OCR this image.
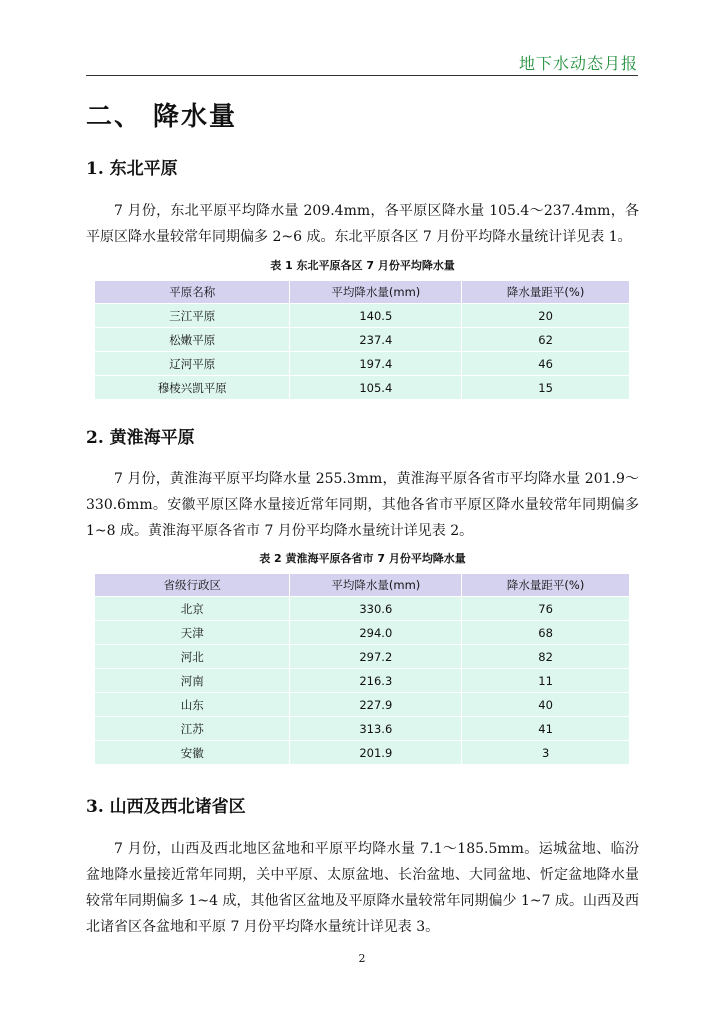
地下水动态月报
二、 降水量
1. 东北平原

7 月份，东北平原平均降水量 209.4mm，各平原区降水量 105.4～237.4mm，各平原区降水量较常年同期偏多 2~6 成。东北平原各区 7 月份平均降水量统计详见表 1。

表 1 东北平原各区 7 月份平均降水量
平原名称	平均降水量(mm)	降水量距平(%)
三江平原	140.5	20
松嫩平原	237.4	62
辽河平原	197.4	46
穆棱兴凯平原	105.4	15
2. 黄淮海平原

7 月份，黄淮海平原平均降水量 255.3mm，黄淮海平原各省市平均降水量 201.9～330.6mm。安徽平原区降水量接近常年同期，其他各省市平原区降水量较常年同期偏多 1~8 成。黄淮海平原各省市 7 月份平均降水量统计详见表 2。

表 2 黄淮海平原各省市 7 月份平均降水量
省级行政区	平均降水量(mm)	降水量距平(%)
北京	330.6	76
天津	294.0	68
河北	297.2	82
河南	216.3	11
山东	227.9	40
江苏	313.6	41
安徽	201.9	3
3. 山西及西北诸省区

7 月份，山西及西北地区盆地和平原平均降水量 7.1～185.5mm。运城盆地、临汾盆地降水量接近常年同期，关中平原、太原盆地、长治盆地、大同盆地、忻定盆地降水量较常年同期偏多 1~4 成，其他省区盆地及平原降水量较常年同期偏少 1~7 成。山西及西北诸省区各盆地和平原 7 月份平均降水量统计详见表 3。

2
